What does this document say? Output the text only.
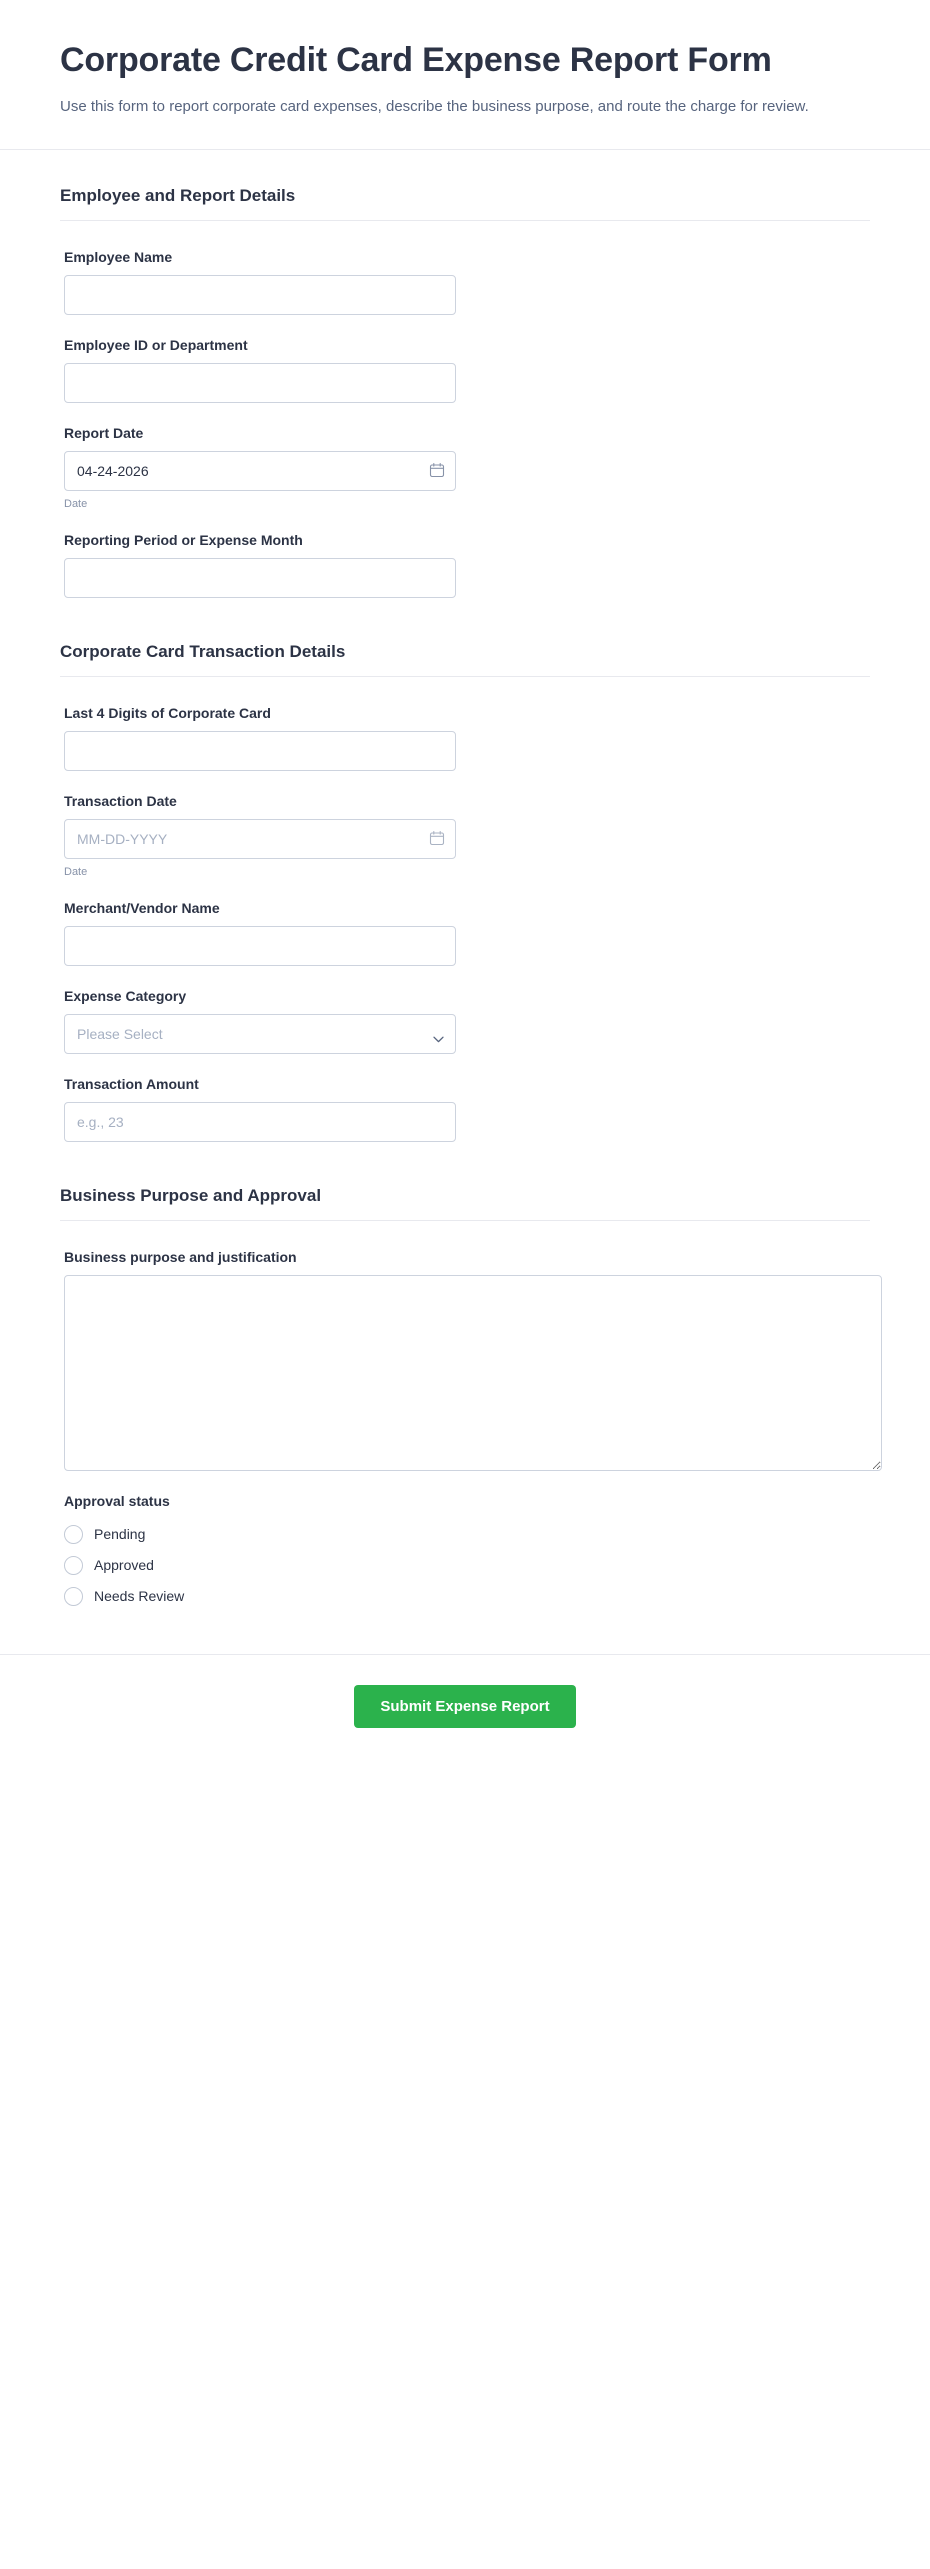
Corporate Credit Card Expense Report Form

Use this form to report corporate card expenses, describe the business purpose, and route the charge for review.

Employee and Report Details
Employee Name
Employee ID or Department
Report Date
04-24-2026
Date
Reporting Period or Expense Month
Corporate Card Transaction Details
Last 4 Digits of Corporate Card
Transaction Date
MM-DD-YYYY
Date
Merchant/Vendor Name
Expense Category
Please Select
Transaction Amount
e.g., 23
Business Purpose and Approval
Business purpose and justification
Approval status
Pending
Approved
Needs Review
Submit Expense Report
